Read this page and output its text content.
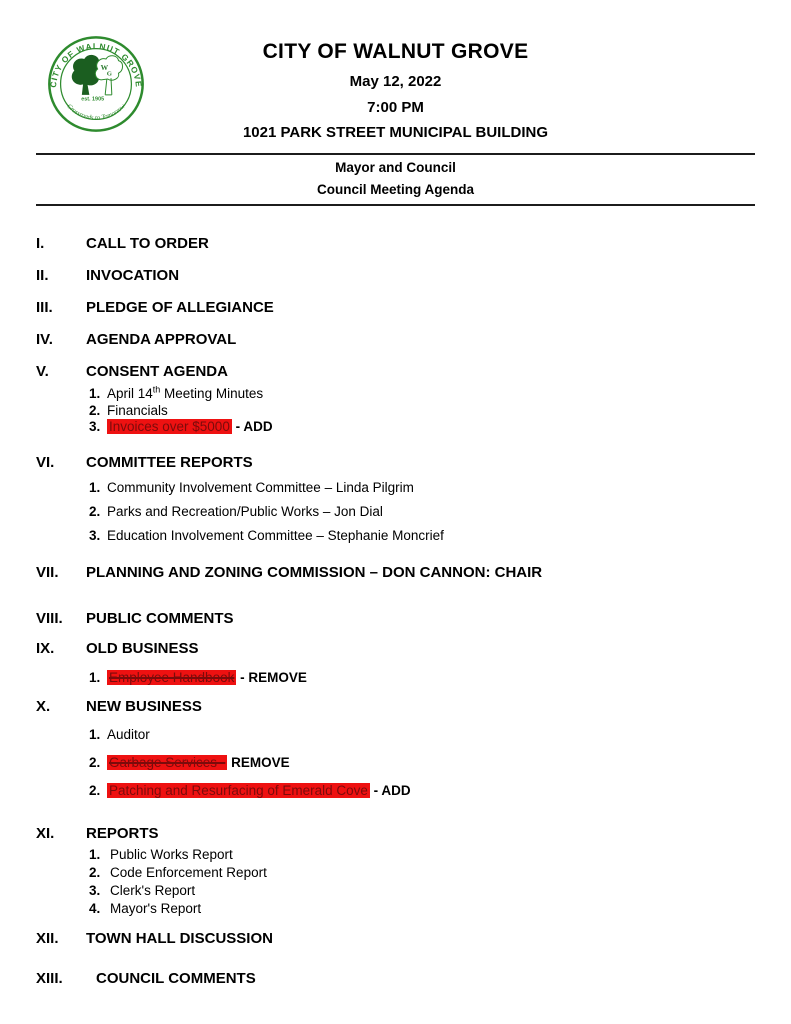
CITY OF WALNUT GROVE
Crossroads to Tomorrow
W
G
est. 1905
CITY OF WALNUT GROVE
May 12, 2022
7:00 PM
1021 PARK STREET MUNICIPAL BUILDING
Mayor and Council
Council Meeting Agenda
I.	CALL TO ORDER
II.	INVOCATION
III.	PLEDGE OF ALLEGIANCE
IV.	AGENDA APPROVAL
V.	CONSENT AGENDA
1. April 14th Meeting Minutes
2. Financials
3. Invoices over $5000 - ADD
VI.	COMMITTEE REPORTS
1. Community Involvement Committee – Linda Pilgrim
2. Parks and Recreation/Public Works – Jon Dial
3. Education Involvement Committee – Stephanie Moncrief
VII.	PLANNING AND ZONING COMMISSION – DON CANNON: CHAIR
VIII.	PUBLIC COMMENTS
IX.	OLD BUSINESS
1. Employee Handbook - REMOVE
X.	NEW BUSINESS
1. Auditor
2. Garbage Services - REMOVE
2. Patching and Resurfacing of Emerald Cove - ADD
XI.	REPORTS
1. Public Works Report
2. Code Enforcement Report
3. Clerk's Report
4. Mayor's Report
XII.	TOWN HALL DISCUSSION
XIII.	COUNCIL COMMENTS
